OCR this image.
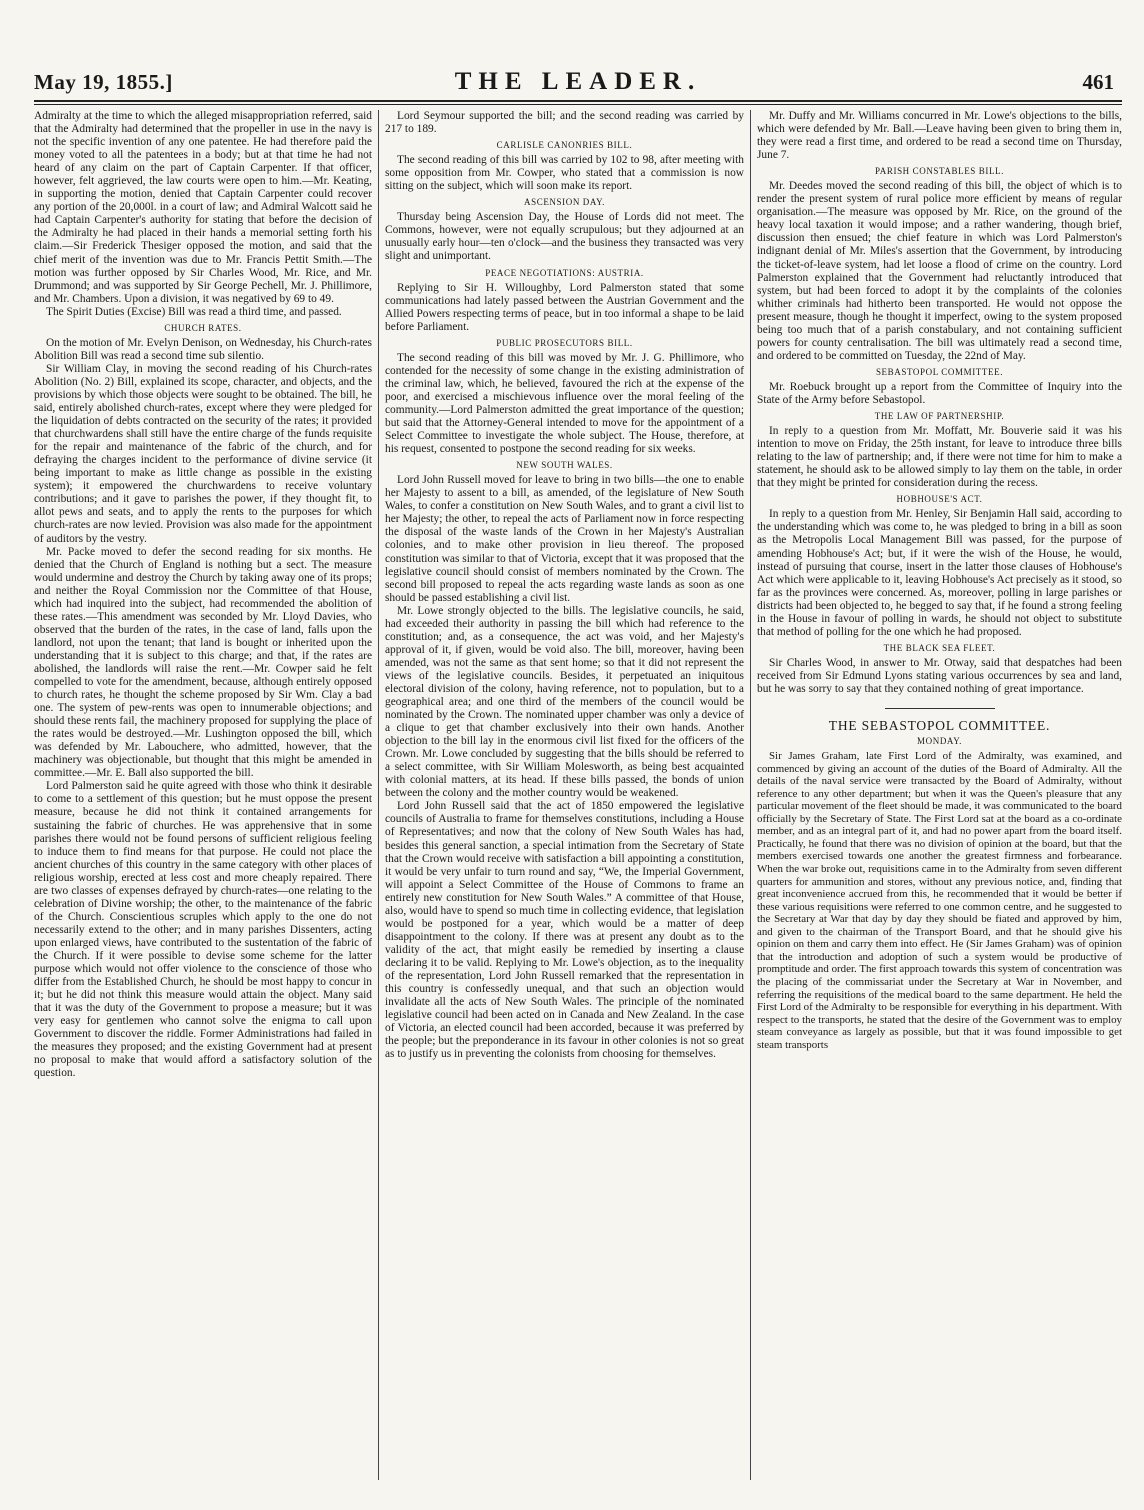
May 19, 1855.]	THE LEADER.	461

Admiralty at the time to which the alleged misappropriation referred, said that the Admiralty had determined that the propeller in use in the navy is not the specific invention of any one patentee. He had therefore paid the money voted to all the patentees in a body; but at that time he had not heard of any claim on the part of Captain Carpenter. If that officer, however, felt aggrieved, the law courts were open to him.—Mr. Keating, in supporting the motion, denied that Captain Carpenter could recover any portion of the 20,000l. in a court of law; and Admiral Walcott said he had Captain Carpenter's authority for stating that before the decision of the Admiralty he had placed in their hands a memorial setting forth his claim.—Sir Frederick Thesiger opposed the motion, and said that the chief merit of the invention was due to Mr. Francis Pettit Smith.—The motion was further opposed by Sir Charles Wood, Mr. Rice, and Mr. Drummond; and was supported by Sir George Pechell, Mr. J. Phillimore, and Mr. Chambers. Upon a division, it was negatived by 69 to 49.

The Spirit Duties (Excise) Bill was read a third time, and passed.

CHURCH RATES.

On the motion of Mr. Evelyn Denison, on Wednesday, his Church-rates Abolition Bill was read a second time sub silentio.

Sir William Clay, in moving the second reading of his Church-rates Abolition (No. 2) Bill, explained its scope, character, and objects, and the provisions by which those objects were sought to be obtained. The bill, he said, entirely abolished church-rates, except where they were pledged for the liquidation of debts contracted on the security of the rates; it provided that churchwardens shall still have the entire charge of the funds requisite for the repair and maintenance of the fabric of the church, and for defraying the charges incident to the performance of divine service (it being important to make as little change as possible in the existing system); it empowered the churchwardens to receive voluntary contributions; and it gave to parishes the power, if they thought fit, to allot pews and seats, and to apply the rents to the purposes for which church-rates are now levied. Provision was also made for the appointment of auditors by the vestry.

Mr. Packe moved to defer the second reading for six months. He denied that the Church of England is nothing but a sect. The measure would undermine and destroy the Church by taking away one of its props; and neither the Royal Commission nor the Committee of that House, which had inquired into the subject, had recommended the abolition of these rates.—This amendment was seconded by Mr. Lloyd Davies, who observed that the burden of the rates, in the case of land, falls upon the landlord, not upon the tenant; that land is bought or inherited upon the understanding that it is subject to this charge; and that, if the rates are abolished, the landlords will raise the rent.—Mr. Cowper said he felt compelled to vote for the amendment, because, although entirely opposed to church rates, he thought the scheme proposed by Sir Wm. Clay a bad one. The system of pew-rents was open to innumerable objections; and should these rents fail, the machinery proposed for supplying the place of the rates would be destroyed.—Mr. Lushington opposed the bill, which was defended by Mr. Labouchere, who admitted, however, that the machinery was objectionable, but thought that this might be amended in committee.—Mr. E. Ball also supported the bill.

Lord Palmerston said he quite agreed with those who think it desirable to come to a settlement of this question; but he must oppose the present measure, because he did not think it contained arrangements for sustaining the fabric of churches. He was apprehensive that in some parishes there would not be found persons of sufficient religious feeling to induce them to find means for that purpose. He could not place the ancient churches of this country in the same category with other places of religious worship, erected at less cost and more cheaply repaired. There are two classes of expenses defrayed by church-rates—one relating to the celebration of Divine worship; the other, to the maintenance of the fabric of the Church. Conscientious scruples which apply to the one do not necessarily extend to the other; and in many parishes Dissenters, acting upon enlarged views, have contributed to the sustentation of the fabric of the Church. If it were possible to devise some scheme for the latter purpose which would not offer violence to the conscience of those who differ from the Established Church, he should be most happy to concur in it; but he did not think this measure would attain the object. Many said that it was the duty of the Government to propose a measure; but it was very easy for gentlemen who cannot solve the enigma to call upon Government to discover the riddle. Former Administrations had failed in the measures they proposed; and the existing Government had at present no proposal to make that would afford a satisfactory solution of the question.

Lord Seymour supported the bill; and the second reading was carried by 217 to 189.

CARLISLE CANONRIES BILL.

The second reading of this bill was carried by 102 to 98, after meeting with some opposition from Mr. Cowper, who stated that a commission is now sitting on the subject, which will soon make its report.

ASCENSION DAY.

Thursday being Ascension Day, the House of Lords did not meet. The Commons, however, were not equally scrupulous; but they adjourned at an unusually early hour—ten o'clock—and the business they transacted was very slight and unimportant.

PEACE NEGOTIATIONS: AUSTRIA.

Replying to Sir H. Willoughby, Lord Palmerston stated that some communications had lately passed between the Austrian Government and the Allied Powers respecting terms of peace, but in too informal a shape to be laid before Parliament.

PUBLIC PROSECUTORS BILL.

The second reading of this bill was moved by Mr. J. G. Phillimore, who contended for the necessity of some change in the existing administration of the criminal law, which, he believed, favoured the rich at the expense of the poor, and exercised a mischievous influence over the moral feeling of the community.—Lord Palmerston admitted the great importance of the question; but said that the Attorney-General intended to move for the appointment of a Select Committee to investigate the whole subject. The House, therefore, at his request, consented to postpone the second reading for six weeks.

NEW SOUTH WALES.

Lord John Russell moved for leave to bring in two bills—the one to enable her Majesty to assent to a bill, as amended, of the legislature of New South Wales, to confer a constitution on New South Wales, and to grant a civil list to her Majesty; the other, to repeal the acts of Parliament now in force respecting the disposal of the waste lands of the Crown in her Majesty's Australian colonies, and to make other provision in lieu thereof. The proposed constitution was similar to that of Victoria, except that it was proposed that the legislative council should consist of members nominated by the Crown. The second bill proposed to repeal the acts regarding waste lands as soon as one should be passed establishing a civil list.

Mr. Lowe strongly objected to the bills. The legislative councils, he said, had exceeded their authority in passing the bill which had reference to the constitution; and, as a consequence, the act was void, and her Majesty's approval of it, if given, would be void also. The bill, moreover, having been amended, was not the same as that sent home; so that it did not represent the views of the legislative councils. Besides, it perpetuated an iniquitous electoral division of the colony, having reference, not to population, but to a geographical area; and one third of the members of the council would be nominated by the Crown. The nominated upper chamber was only a device of a clique to get that chamber exclusively into their own hands. Another objection to the bill lay in the enormous civil list fixed for the officers of the Crown. Mr. Lowe concluded by suggesting that the bills should be referred to a select committee, with Sir William Molesworth, as being best acquainted with colonial matters, at its head. If these bills passed, the bonds of union between the colony and the mother country would be weakened.

Lord John Russell said that the act of 1850 empowered the legislative councils of Australia to frame for themselves constitutions, including a House of Representatives; and now that the colony of New South Wales has had, besides this general sanction, a special intimation from the Secretary of State that the Crown would receive with satisfaction a bill appointing a constitution, it would be very unfair to turn round and say, “We, the Imperial Government, will appoint a Select Committee of the House of Commons to frame an entirely new constitution for New South Wales.” A committee of that House, also, would have to spend so much time in collecting evidence, that legislation would be postponed for a year, which would be a matter of deep disappointment to the colony. If there was at present any doubt as to the validity of the act, that might easily be remedied by inserting a clause declaring it to be valid. Replying to Mr. Lowe's objection, as to the inequality of the representation, Lord John Russell remarked that the representation in this country is confessedly unequal, and that such an objection would invalidate all the acts of New South Wales. The principle of the nominated legislative council had been acted on in Canada and New Zealand. In the case of Victoria, an elected council had been accorded, because it was preferred by the people; but the preponderance in its favour in other colonies is not so great as to justify us in preventing the colonists from choosing for themselves.

Mr. Duffy and Mr. Williams concurred in Mr. Lowe's objections to the bills, which were defended by Mr. Ball.—Leave having been given to bring them in, they were read a first time, and ordered to be read a second time on Thursday, June 7.

PARISH CONSTABLES BILL.

Mr. Deedes moved the second reading of this bill, the object of which is to render the present system of rural police more efficient by means of regular organisation.—The measure was opposed by Mr. Rice, on the ground of the heavy local taxation it would impose; and a rather wandering, though brief, discussion then ensued; the chief feature in which was Lord Palmerston's indignant denial of Mr. Miles's assertion that the Government, by introducing the ticket-of-leave system, had let loose a flood of crime on the country. Lord Palmerston explained that the Government had reluctantly introduced that system, but had been forced to adopt it by the complaints of the colonies whither criminals had hitherto been transported. He would not oppose the present measure, though he thought it imperfect, owing to the system proposed being too much that of a parish constabulary, and not containing sufficient powers for county centralisation. The bill was ultimately read a second time, and ordered to be committed on Tuesday, the 22nd of May.

SEBASTOPOL COMMITTEE.

Mr. Roebuck brought up a report from the Committee of Inquiry into the State of the Army before Sebastopol.

THE LAW OF PARTNERSHIP.

In reply to a question from Mr. Moffatt, Mr. Bouverie said it was his intention to move on Friday, the 25th instant, for leave to introduce three bills relating to the law of partnership; and, if there were not time for him to make a statement, he should ask to be allowed simply to lay them on the table, in order that they might be printed for consideration during the recess.

HOBHOUSE'S ACT.

In reply to a question from Mr. Henley, Sir Benjamin Hall said, according to the understanding which was come to, he was pledged to bring in a bill as soon as the Metropolis Local Management Bill was passed, for the purpose of amending Hobhouse's Act; but, if it were the wish of the House, he would, instead of pursuing that course, insert in the latter those clauses of Hobhouse's Act which were applicable to it, leaving Hobhouse's Act precisely as it stood, so far as the provinces were concerned. As, moreover, polling in large parishes or districts had been objected to, he begged to say that, if he found a strong feeling in the House in favour of polling in wards, he should not object to substitute that method of polling for the one which he had proposed.

THE BLACK SEA FLEET.

Sir Charles Wood, in answer to Mr. Otway, said that despatches had been received from Sir Edmund Lyons stating various occurrences by sea and land, but he was sorry to say that they contained nothing of great importance.

THE SEBASTOPOL COMMITTEE.
MONDAY.

Sir James Graham, late First Lord of the Admiralty, was examined, and commenced by giving an account of the duties of the Board of Admiralty. All the details of the naval service were transacted by the Board of Admiralty, without reference to any other department; but when it was the Queen's pleasure that any particular movement of the fleet should be made, it was communicated to the board officially by the Secretary of State. The First Lord sat at the board as a co-ordinate member, and as an integral part of it, and had no power apart from the board itself. Practically, he found that there was no division of opinion at the board, but that the members exercised towards one another the greatest firmness and forbearance. When the war broke out, requisitions came in to the Admiralty from seven different quarters for ammunition and stores, without any previous notice, and, finding that great inconvenience accrued from this, he recommended that it would be better if these various requisitions were referred to one common centre, and he suggested to the Secretary at War that day by day they should be fiated and approved by him, and given to the chairman of the Transport Board, and that he should give his opinion on them and carry them into effect. He (Sir James Graham) was of opinion that the introduction and adoption of such a system would be productive of promptitude and order. The first approach towards this system of concentration was the placing of the commissariat under the Secretary at War in November, and referring the requisitions of the medical board to the same department. He held the First Lord of the Admiralty to be responsible for everything in his department. With respect to the transports, he stated that the desire of the Government was to employ steam conveyance as largely as possible, but that it was found impossible to get steam transports
